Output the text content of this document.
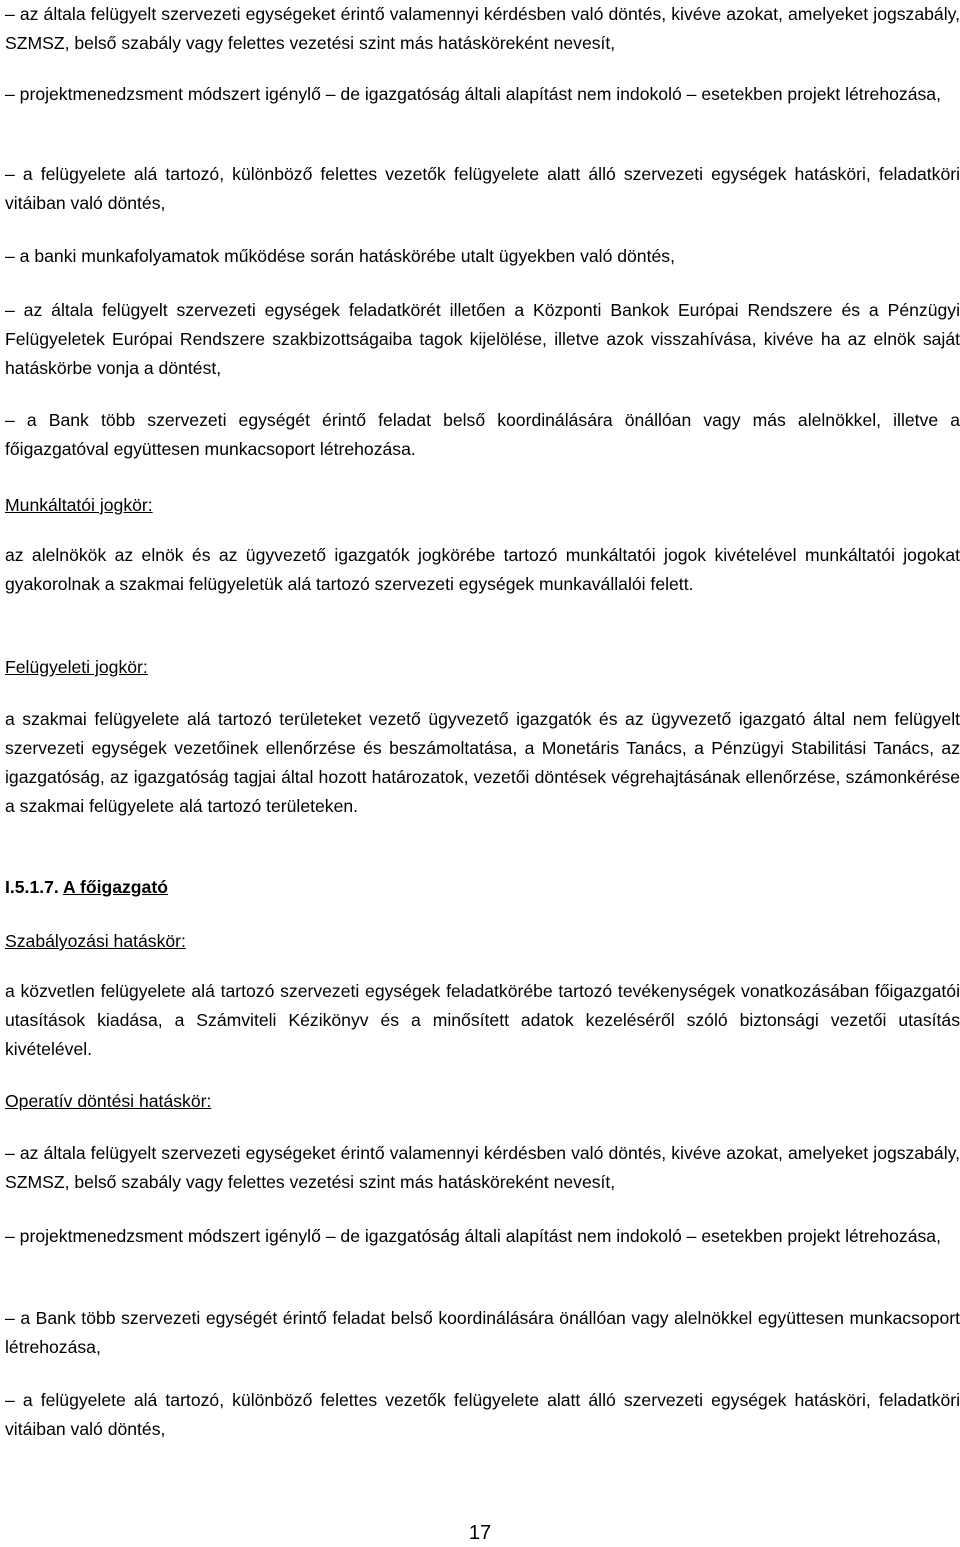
– az általa felügyelt szervezeti egységeket érintő valamennyi kérdésben való döntés, kivéve azokat, amelyeket jogszabály, SZMSZ, belső szabály vagy felettes vezetési szint más hatásköreként nevesít,

– projektmenedzsment módszert igénylő – de igazgatóság általi alapítást nem indokoló – esetekben projekt létrehozása,

– a felügyelete alá tartozó, különböző felettes vezetők felügyelete alatt álló szervezeti egységek hatásköri, feladatköri vitáiban való döntés,

– a banki munkafolyamatok működése során hatáskörébe utalt ügyekben való döntés,

– az általa felügyelt szervezeti egységek feladatkörét illetően a Központi Bankok Európai Rendszere és a Pénzügyi Felügyeletek Európai Rendszere szakbizottságaiba tagok kijelölése, illetve azok visszahívása, kivéve ha az elnök saját hatáskörbe vonja a döntést,

– a Bank több szervezeti egységét érintő feladat belső koordinálására önállóan vagy más alelnökkel, illetve a főigazgatóval együttesen munkacsoport létrehozása.

Munkáltatói jogkör:

az alelnökök az elnök és az ügyvezető igazgatók jogkörébe tartozó munkáltatói jogok kivételével munkáltatói jogokat gyakorolnak a szakmai felügyeletük alá tartozó szervezeti egységek munkavállalói felett.

Felügyeleti jogkör:

a szakmai felügyelete alá tartozó területeket vezető ügyvezető igazgatók és az ügyvezető igazgató által nem felügyelt szervezeti egységek vezetőinek ellenőrzése és beszámoltatása, a Monetáris Tanács, a Pénzügyi Stabilitási Tanács, az igazgatóság, az igazgatóság tagjai által hozott határozatok, vezetői döntések végrehajtásának ellenőrzése, számonkérése a szakmai felügyelete alá tartozó területeken.

I.5.1.7. A főigazgató

Szabályozási hatáskör:

a közvetlen felügyelete alá tartozó szervezeti egységek feladatkörébe tartozó tevékenységek vonatkozásában főigazgatói utasítások kiadása, a Számviteli Kézikönyv és a minősített adatok kezeléséről szóló biztonsági vezetői utasítás kivételével.

Operatív döntési hatáskör:

– az általa felügyelt szervezeti egységeket érintő valamennyi kérdésben való döntés, kivéve azokat, amelyeket jogszabály, SZMSZ, belső szabály vagy felettes vezetési szint más hatásköreként nevesít,

– projektmenedzsment módszert igénylő – de igazgatóság általi alapítást nem indokoló – esetekben projekt létrehozása,

– a Bank több szervezeti egységét érintő feladat belső koordinálására önállóan vagy alelnökkel együttesen munkacsoport létrehozása,

– a felügyelete alá tartozó, különböző felettes vezetők felügyelete alatt álló szervezeti egységek hatásköri, feladatköri vitáiban való döntés,

17
